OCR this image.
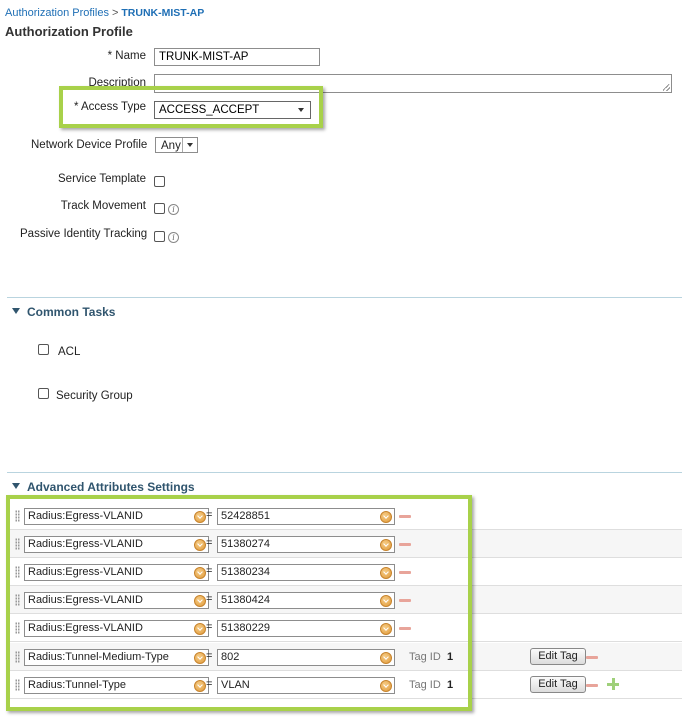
Authorization Profiles > TRUNK-MIST-AP
Authorization Profile
* Name	TRUNK-MIST-AP
Description
* Access Type	ACCESS_ACCEPT
Network Device Profile Any
Service Template
Track Movement	i
Passive Identity Tracking	i
Common Tasks
ACL
Security Group
Advanced Attributes Settings
Radius:Egress-VLANID	= 52428851
Radius:Egress-VLANID	= 51380274
Radius:Egress-VLANID	= 51380234
Radius:Egress-VLANID	= 51380424
Radius:Egress-VLANID	= 51380229
Radius:Tunnel-Medium-Type	= 802	Tag ID 1	Edit Tag
Radius:Tunnel-Type	= VLAN	Tag ID 1	Edit Tag
